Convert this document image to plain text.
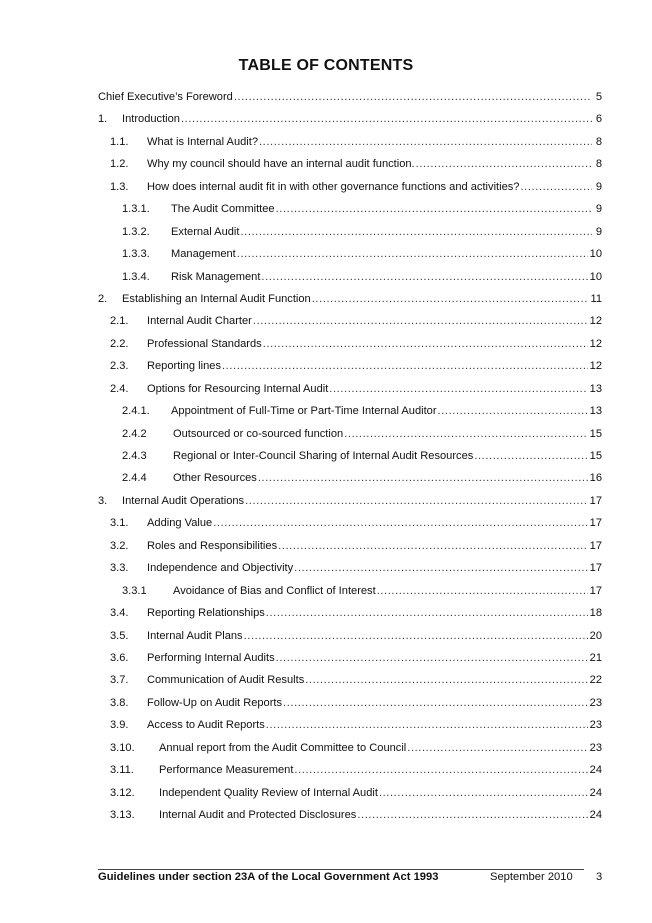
TABLE OF CONTENTS
Chief Executive’s Foreword .....	5
1.	Introduction .....	6
1.1.	What is Internal Audit? .....	8
1.2.	Why my council should have an internal audit function. .....	8
1.3.	How does internal audit fit in with other governance functions and activities? .....	9
1.3.1.	The Audit Committee .....	9
1.3.2.	External Audit .....	9
1.3.3.	Management .....	10
1.3.4.	Risk Management .....	10
2.	Establishing an Internal Audit Function .....	11
2.1.	Internal Audit Charter .....	12
2.2.	Professional Standards .....	12
2.3.	Reporting lines .....	12
2.4.	Options for Resourcing Internal Audit .....	13
2.4.1.	Appointment of Full-Time or Part-Time Internal Auditor .....	13
2.4.2	Outsourced or co-sourced function .....	15
2.4.3	Regional or Inter-Council Sharing of Internal Audit Resources .....	15
2.4.4	Other Resources .....	16
3.	Internal Audit Operations .....	17
3.1.	Adding Value .....	17
3.2.	Roles and Responsibilities .....	17
3.3.	Independence and Objectivity .....	17
3.3.1	Avoidance of Bias and Conflict of Interest .....	17
3.4.	Reporting Relationships .....	18
3.5.	Internal Audit Plans .....	20
3.6.	Performing Internal Audits .....	21
3.7.	Communication of Audit Results .....	22
3.8.	Follow-Up on Audit Reports .....	23
3.9.	Access to Audit Reports .....	23
3.10.	Annual report from the Audit Committee to Council .....	23
3.11.	Performance Measurement .....	24
3.12.	Independent Quality Review of Internal Audit .....	24
3.13.	Internal Audit and Protected Disclosures .....	24
Guidelines under section 23A of the Local Government Act 1993	September 2010 3
